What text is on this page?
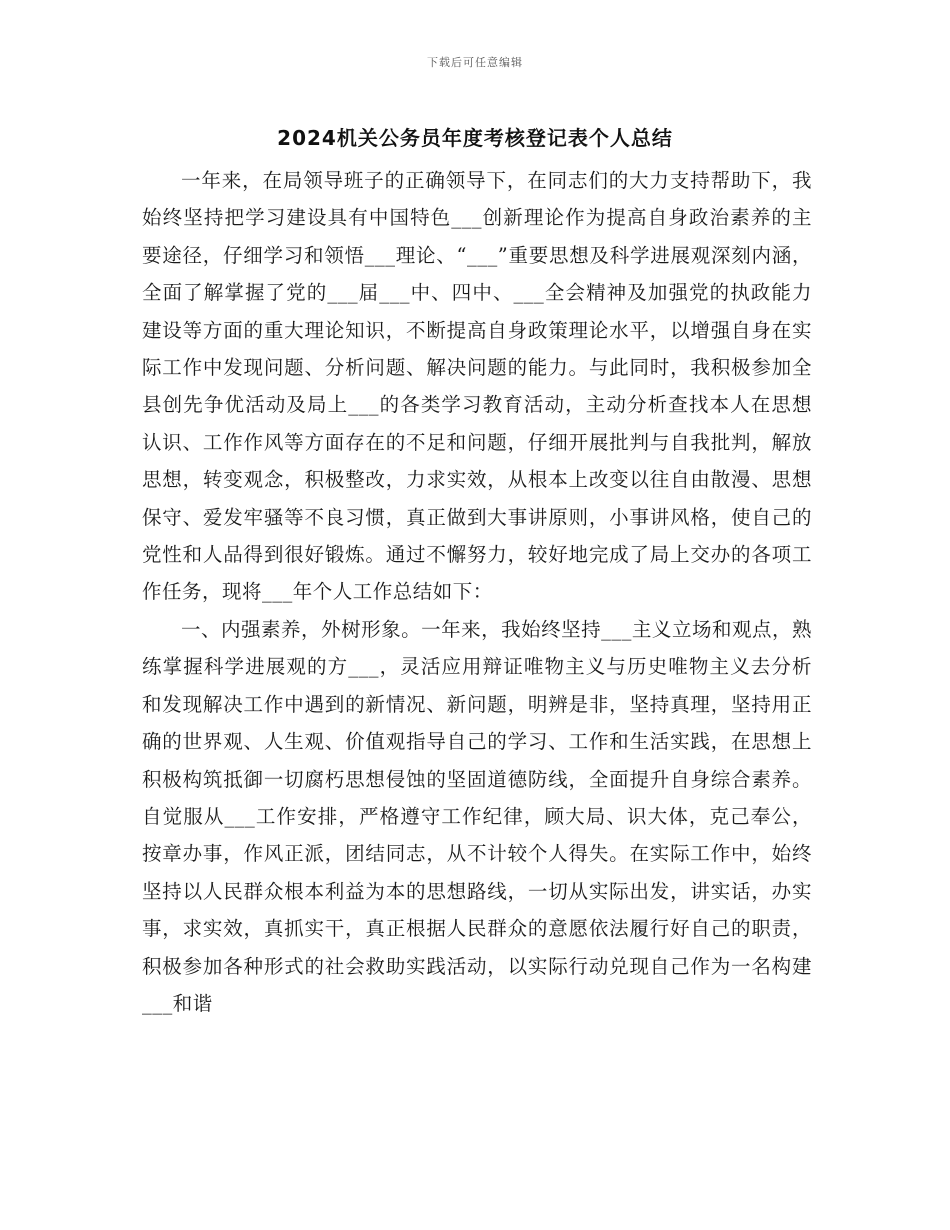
下载后可任意编辑
2024机关公务员年度考核登记表个人总结

一年来，在局领导班子的正确领导下，在同志们的大力支持帮助下，我始终坚持把学习建设具有中国特色___创新理论作为提高自身政治素养的主要途径，仔细学习和领悟___理论、“___”重要思想及科学进展观深刻内涵，全面了解掌握了党的___届___中、四中、___全会精神及加强党的执政能力建设等方面的重大理论知识，不断提高自身政策理论水平，以增强自身在实际工作中发现问题、分析问题、解决问题的能力。与此同时，我积极参加全县创先争优活动及局上___的各类学习教育活动，主动分析查找本人在思想认识、工作作风等方面存在的不足和问题，仔细开展批判与自我批判，解放思想，转变观念，积极整改，力求实效，从根本上改变以往自由散漫、思想保守、爱发牢骚等不良习惯，真正做到大事讲原则，小事讲风格，使自己的党性和人品得到很好锻炼。通过不懈努力，较好地完成了局上交办的各项工作任务，现将___年个人工作总结如下：

一、内强素养，外树形象。一年来，我始终坚持___主义立场和观点，熟练掌握科学进展观的方___，灵活应用辩证唯物主义与历史唯物主义去分析和发现解决工作中遇到的新情况、新问题，明辨是非，坚持真理，坚持用正确的世界观、人生观、价值观指导自己的学习、工作和生活实践，在思想上积极构筑抵御一切腐朽思想侵蚀的坚固道德防线，全面提升自身综合素养。自觉服从___工作安排，严格遵守工作纪律，顾大局、识大体，克己奉公，按章办事，作风正派，团结同志，从不计较个人得失。在实际工作中，始终坚持以人民群众根本利益为本的思想路线，一切从实际出发，讲实话，办实事，求实效，真抓实干，真正根据人民群众的意愿依法履行好自己的职责，积极参加各种形式的社会救助实践活动，以实际行动兑现自己作为一名构建___和谐
